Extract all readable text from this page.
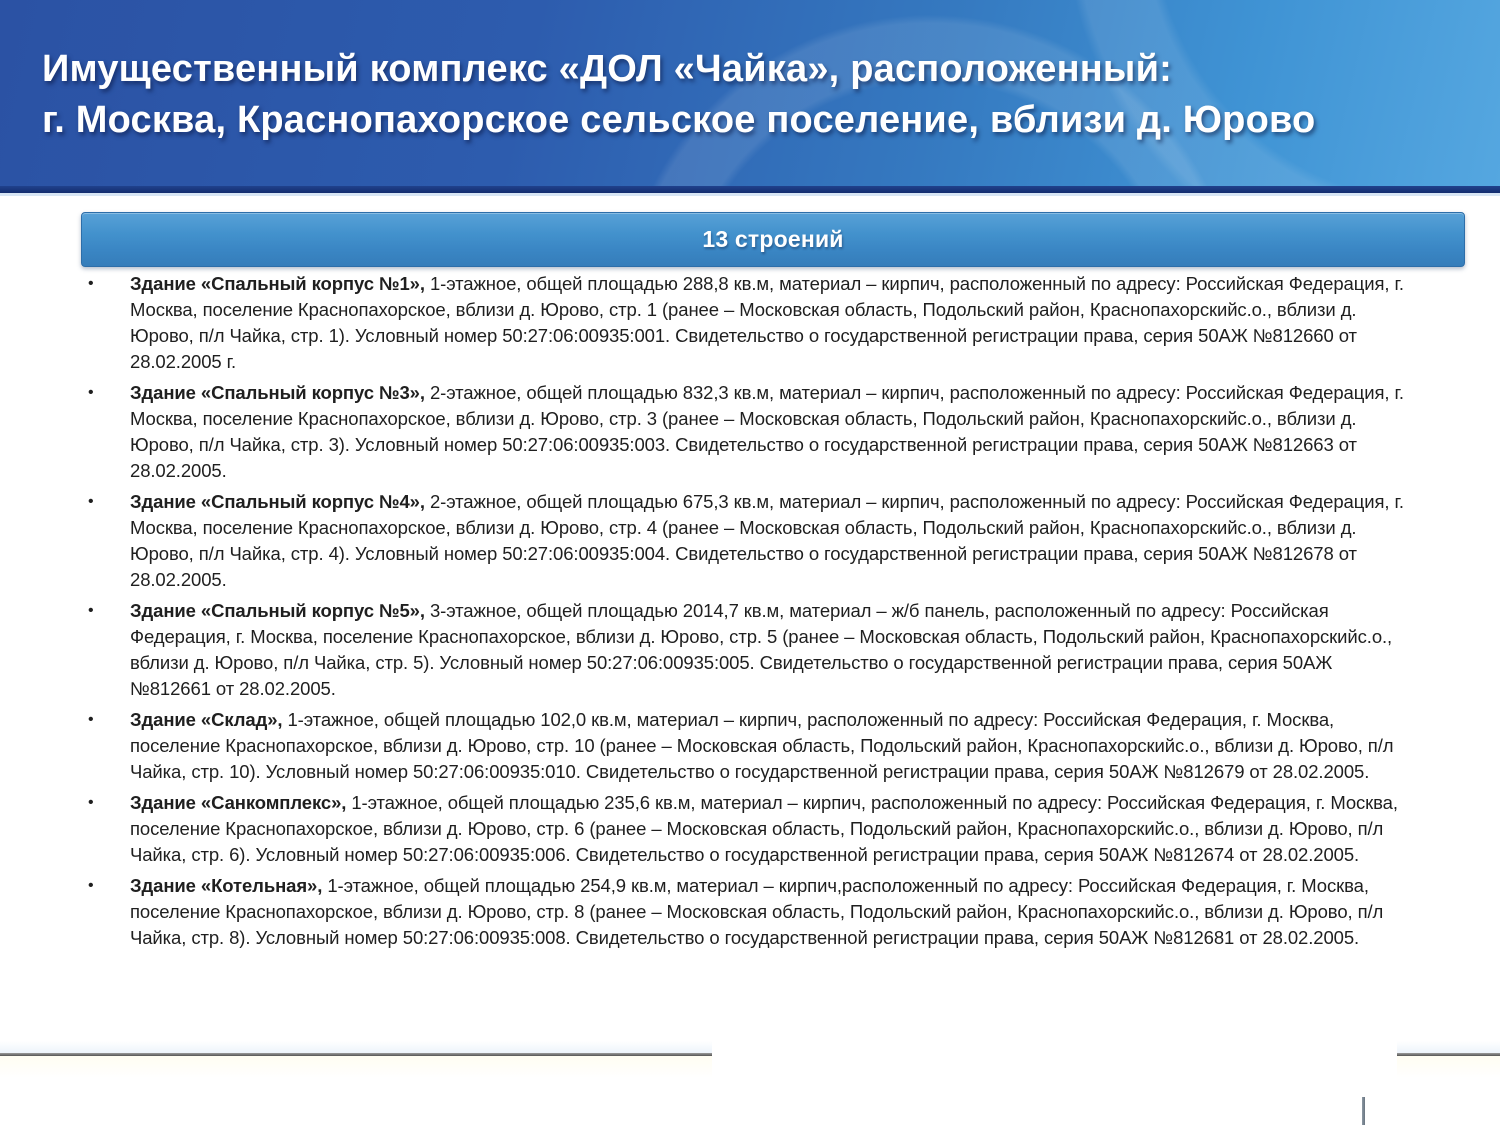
Имущественный комплекс «ДОЛ «Чайка», расположенный:
г. Москва, Краснопахорское сельское поселение, вблизи д. Юрово
13 строений
• Здание «Спальный корпус №1», 1-этажное, общей площадью 288,8 кв.м, материал – кирпич, расположенный по адресу: Российская Федерация, г. Москва, поселение Краснопахорское, вблизи д. Юрово, стр. 1 (ранее – Московская область, Подольский район, Краснопахорскийс.о., вблизи д. Юрово, п/л Чайка, стр. 1). Условный номер 50:27:06:00935:001. Свидетельство о государственной регистрации права, серия 50АЖ №812660 от 28.02.2005 г.
• Здание «Спальный корпус №3», 2-этажное, общей площадью 832,3 кв.м, материал – кирпич, расположенный по адресу: Российская Федерация, г. Москва, поселение Краснопахорское, вблизи д. Юрово, стр. 3 (ранее – Московская область, Подольский район, Краснопахорскийс.о., вблизи д. Юрово, п/л Чайка, стр. 3). Условный номер 50:27:06:00935:003. Свидетельство о государственной регистрации права, серия 50АЖ №812663 от 28.02.2005.
• Здание «Спальный корпус №4», 2-этажное, общей площадью 675,3 кв.м, материал – кирпич, расположенный по адресу: Российская Федерация, г. Москва, поселение Краснопахорское, вблизи д. Юрово, стр. 4 (ранее – Московская область, Подольский район, Краснопахорскийс.о., вблизи д. Юрово, п/л Чайка, стр. 4). Условный номер 50:27:06:00935:004. Свидетельство о государственной регистрации права, серия 50АЖ №812678 от 28.02.2005.
• Здание «Спальный корпус №5», 3-этажное, общей площадью 2014,7 кв.м, материал – ж/б панель, расположенный по адресу: Российская Федерация, г. Москва, поселение Краснопахорское, вблизи д. Юрово, стр. 5 (ранее – Московская область, Подольский район, Краснопахорскийс.о., вблизи д. Юрово, п/л Чайка, стр. 5). Условный номер 50:27:06:00935:005. Свидетельство о государственной регистрации права, серия 50АЖ №812661 от 28.02.2005.
• Здание «Склад», 1-этажное, общей площадью 102,0 кв.м, материал – кирпич, расположенный по адресу: Российская Федерация, г. Москва, поселение Краснопахорское, вблизи д. Юрово, стр. 10 (ранее – Московская область, Подольский район, Краснопахорскийс.о., вблизи д. Юрово, п/л Чайка, стр. 10). Условный номер 50:27:06:00935:010. Свидетельство о государственной регистрации права, серия 50АЖ №812679 от 28.02.2005.
• Здание «Санкомплекс», 1-этажное, общей площадью 235,6 кв.м, материал – кирпич, расположенный по адресу: Российская Федерация, г. Москва, поселение Краснопахорское, вблизи д. Юрово, стр. 6 (ранее – Московская область, Подольский район, Краснопахорскийс.о., вблизи д. Юрово, п/л Чайка, стр. 6). Условный номер 50:27:06:00935:006. Свидетельство о государственной регистрации права, серия 50АЖ №812674 от 28.02.2005.
• Здание «Котельная», 1-этажное, общей площадью 254,9 кв.м, материал – кирпич,расположенный по адресу: Российская Федерация, г. Москва, поселение Краснопахорское, вблизи д. Юрово, стр. 8 (ранее – Московская область, Подольский район, Краснопахорскийс.о., вблизи д. Юрово, п/л Чайка, стр. 8). Условный номер 50:27:06:00935:008. Свидетельство о государственной регистрации права, серия 50АЖ №812681 от 28.02.2005.
